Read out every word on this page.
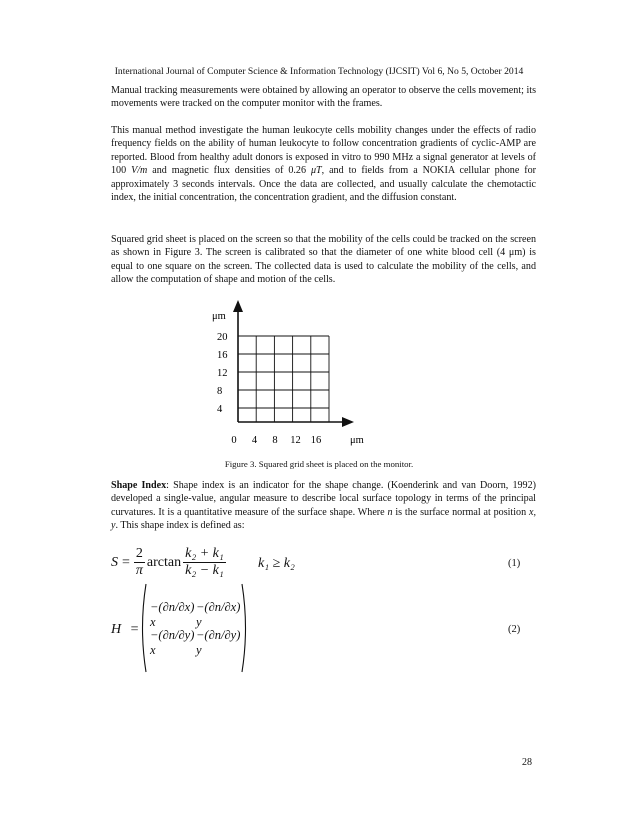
International Journal of Computer Science & Information Technology (IJCSIT) Vol 6, No 5, October 2014

Manual tracking measurements were obtained by allowing an operator to observe the cells movement; its movements were tracked on the computer monitor with the frames.

This manual method investigate the human leukocyte cells mobility changes under the effects of radio frequency fields on the ability of human leukocyte to follow concentration gradients of cyclic-AMP are reported. Blood from healthy adult donors is exposed in vitro to 990 MHz a signal generator at levels of 100 V/m and magnetic flux densities of 0.26 μT, and to fields from a NOKIA cellular phone for approximately 3 seconds intervals. Once the data are collected, and usually calculate the chemotactic index, the initial concentration, the concentration gradient, and the diffusion constant.

Squared grid sheet is placed on the screen so that the mobility of the cells could be tracked on the screen as shown in Figure 3. The screen is calibrated so that the diameter of one white blood cell (4 μm) is equal to one square on the screen. The collected data is used to calculate the mobility of the cells, and allow the computation of shape and motion of the cells.

μm
20
16
12
8
4
0 4 8 12 16	μm
Figure 3. Squared grid sheet is placed on the monitor.

Shape Index: Shape index is an indicator for the shape change. (Koenderink and van Doorn, 1992) developed a single-value, angular measure to describe local surface topology in terms of the principal curvatures. It is a quantitative measure of the surface shape. Where n is the surface normal at position x, y. This shape index is defined as:

$S = \frac{2}{\pi}$ $\arctan \frac{\text{k₂ + k₁}}{\text{k₂ − k₁}} k_1 \ge k_2$	(1)
H =
−(∂n/∂x) x
−(∂n/∂x) y
−(∂n/∂y) x
−(∂n/∂y) y
(2)
28
